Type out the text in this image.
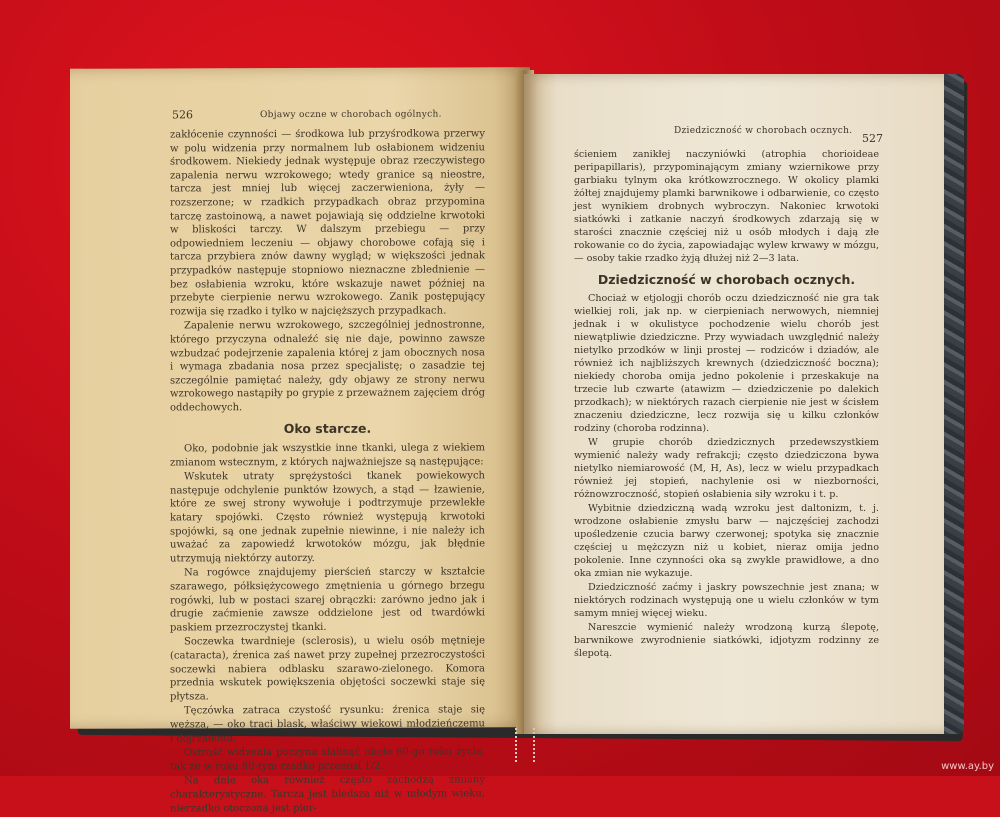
526	Objawy oczne w chorobach ogólnych.

zakłócenie czynności — środkowa lub przyśrodkowa przerwy w polu widzenia przy normalnem lub osłabionem widzeniu środkowem. Niekiedy jednak występuje obraz rzeczywistego zapalenia nerwu wzrokowego; wtedy granice są nieostre, tarcza jest mniej lub więcej zaczerwieniona, żyły — rozszerzone; w rzadkich przypadkach obraz przypomina tarczę zastoinową, a nawet pojawiają się oddzielne krwotoki w bliskości tarczy. W dalszym przebiegu — przy odpowiedniem leczeniu — objawy chorobowe cofają się i tarcza przybiera znów dawny wygląd; w większości jednak przypadków następuje stopniowo nieznaczne zblednienie — bez osłabienia wzroku, które wskazuje nawet później na przebyte cierpienie nerwu wzrokowego. Zanik postępujący rozwija się rzadko i tylko w najcięższych przypadkach.

Zapalenie nerwu wzrokowego, szczególniej jednostronne, którego przyczyna odnaleźć się nie daje, powinno zawsze wzbudzać podejrzenie zapalenia której z jam obocznych nosa i wymaga zbadania nosa przez specjalistę; o zasadzie tej szczególnie pamiętać należy, gdy objawy ze strony nerwu wzrokowego nastąpiły po grypie z przeważnem zajęciem dróg oddechowych.

Oko starcze.

Oko, podobnie jak wszystkie inne tkanki, ulega z wiekiem zmianom wstecznym, z których najważniejsze są następujące:

Wskutek utraty sprężystości tkanek powiekowych następuje odchylenie punktów łzowych, a stąd — łzawienie, które ze swej strony wywołuje i podtrzymuje przewlekłe katary spojówki. Często również występują krwotoki spojówki, są one jednak zupełnie niewinne, i nie należy ich uważać za zapowiedź krwotoków mózgu, jak błędnie utrzymują niektórzy autorzy.

Na rogówce znajdujemy pierścień starczy w kształcie szarawego, półksiężycowego zmętnienia u górnego brzegu rogówki, lub w postaci szarej obrączki: zarówno jedno jak i drugie zaćmienie zawsze oddzielone jest od twardówki paskiem przezroczystej tkanki.

Soczewka twardnieje (sclerosis), u wielu osób mętnieje (cataracta), źrenica zaś nawet przy zupełnej przezroczystości soczewki nabiera odblasku szarawo-zielonego. Komora przednia wskutek powiększenia objętości soczewki staje się płytsza.

Tęczówka zatraca czystość rysunku: źrenica staje się węższa, — oko traci blask, właściwy wiekowi młodzieńczemu i dojrzałemu.

Ostrość widzenia poczyna słabnąć około 60-go roku życia, tak że w roku 80-tym rzadko przenosi 1/2.

Na dnie oka również często zachodzą zmiany charakterystyczne. Tarcza jest bledsza niż w młodym wieku, nierzadko otoczona jest pier-

Dziedziczność w chorobach ocznych.
527

ścieniem zanikłej naczyniówki (atrophia chorioideae peripapillaris), przypominającym zmiany wziernikowe przy garbiaku tylnym oka krótkowzrocznego. W okolicy plamki żółtej znajdujemy plamki barwnikowe i odbarwienie, co często jest wynikiem drobnych wybroczyn. Nakoniec krwotoki siatkówki i zatkanie naczyń środkowych zdarzają się w starości znacznie częściej niż u osób młodych i dają złe rokowanie co do życia, zapowiadając wylew krwawy w mózgu, — osoby takie rzadko żyją dłużej niż 2—3 lata.

Dziedziczność w chorobach ocznych.

Chociaż w etjologji chorób oczu dziedziczność nie gra tak wielkiej roli, jak np. w cierpieniach nerwowych, niemniej jednak i w okulistyce pochodzenie wielu chorób jest niewątpliwie dziedziczne. Przy wywiadach uwzględnić należy nietylko przodków w linji prostej — rodziców i dziadów, ale również ich najbliższych krewnych (dziedziczność boczna); niekiedy choroba omija jedno pokolenie i przeskakuje na trzecie lub czwarte (atawizm — dziedziczenie po dalekich przodkach); w niektórych razach cierpienie nie jest w ścisłem znaczeniu dziedziczne, lecz rozwija się u kilku członków rodziny (choroba rodzinna).

W grupie chorób dziedzicznych przedewszystkiem wymienić należy wady refrakcji; często dziedziczona bywa nietylko niemiarowość (M, H, As), lecz w wielu przypadkach również jej stopień, nachylenie osi w niezborności, różnowzroczność, stopień osłabienia siły wzroku i t. p.

Wybitnie dziedziczną wadą wzroku jest daltonizm, t. j. wrodzone osłabienie zmysłu barw — najczęściej zachodzi upośledzenie czucia barwy czerwonej; spotyka się znacznie częściej u mężczyzn niż u kobiet, nierаz omija jedno pokolenie. Inne czynności oka są zwykle prawidłowe, a dno oka zmian nie wykazuje.

Dziedziczność zaćmy i jaskry powszechnie jest znana; w niektórych rodzinach występują one u wielu członków w tym samym mniej więcej wieku.

Nareszcie wymienić należy wrodzoną kurzą ślepotę, barwnikowe zwyrodnienie siatkówki, idjotyzm rodzinny ze ślepotą.

www.ay.by
